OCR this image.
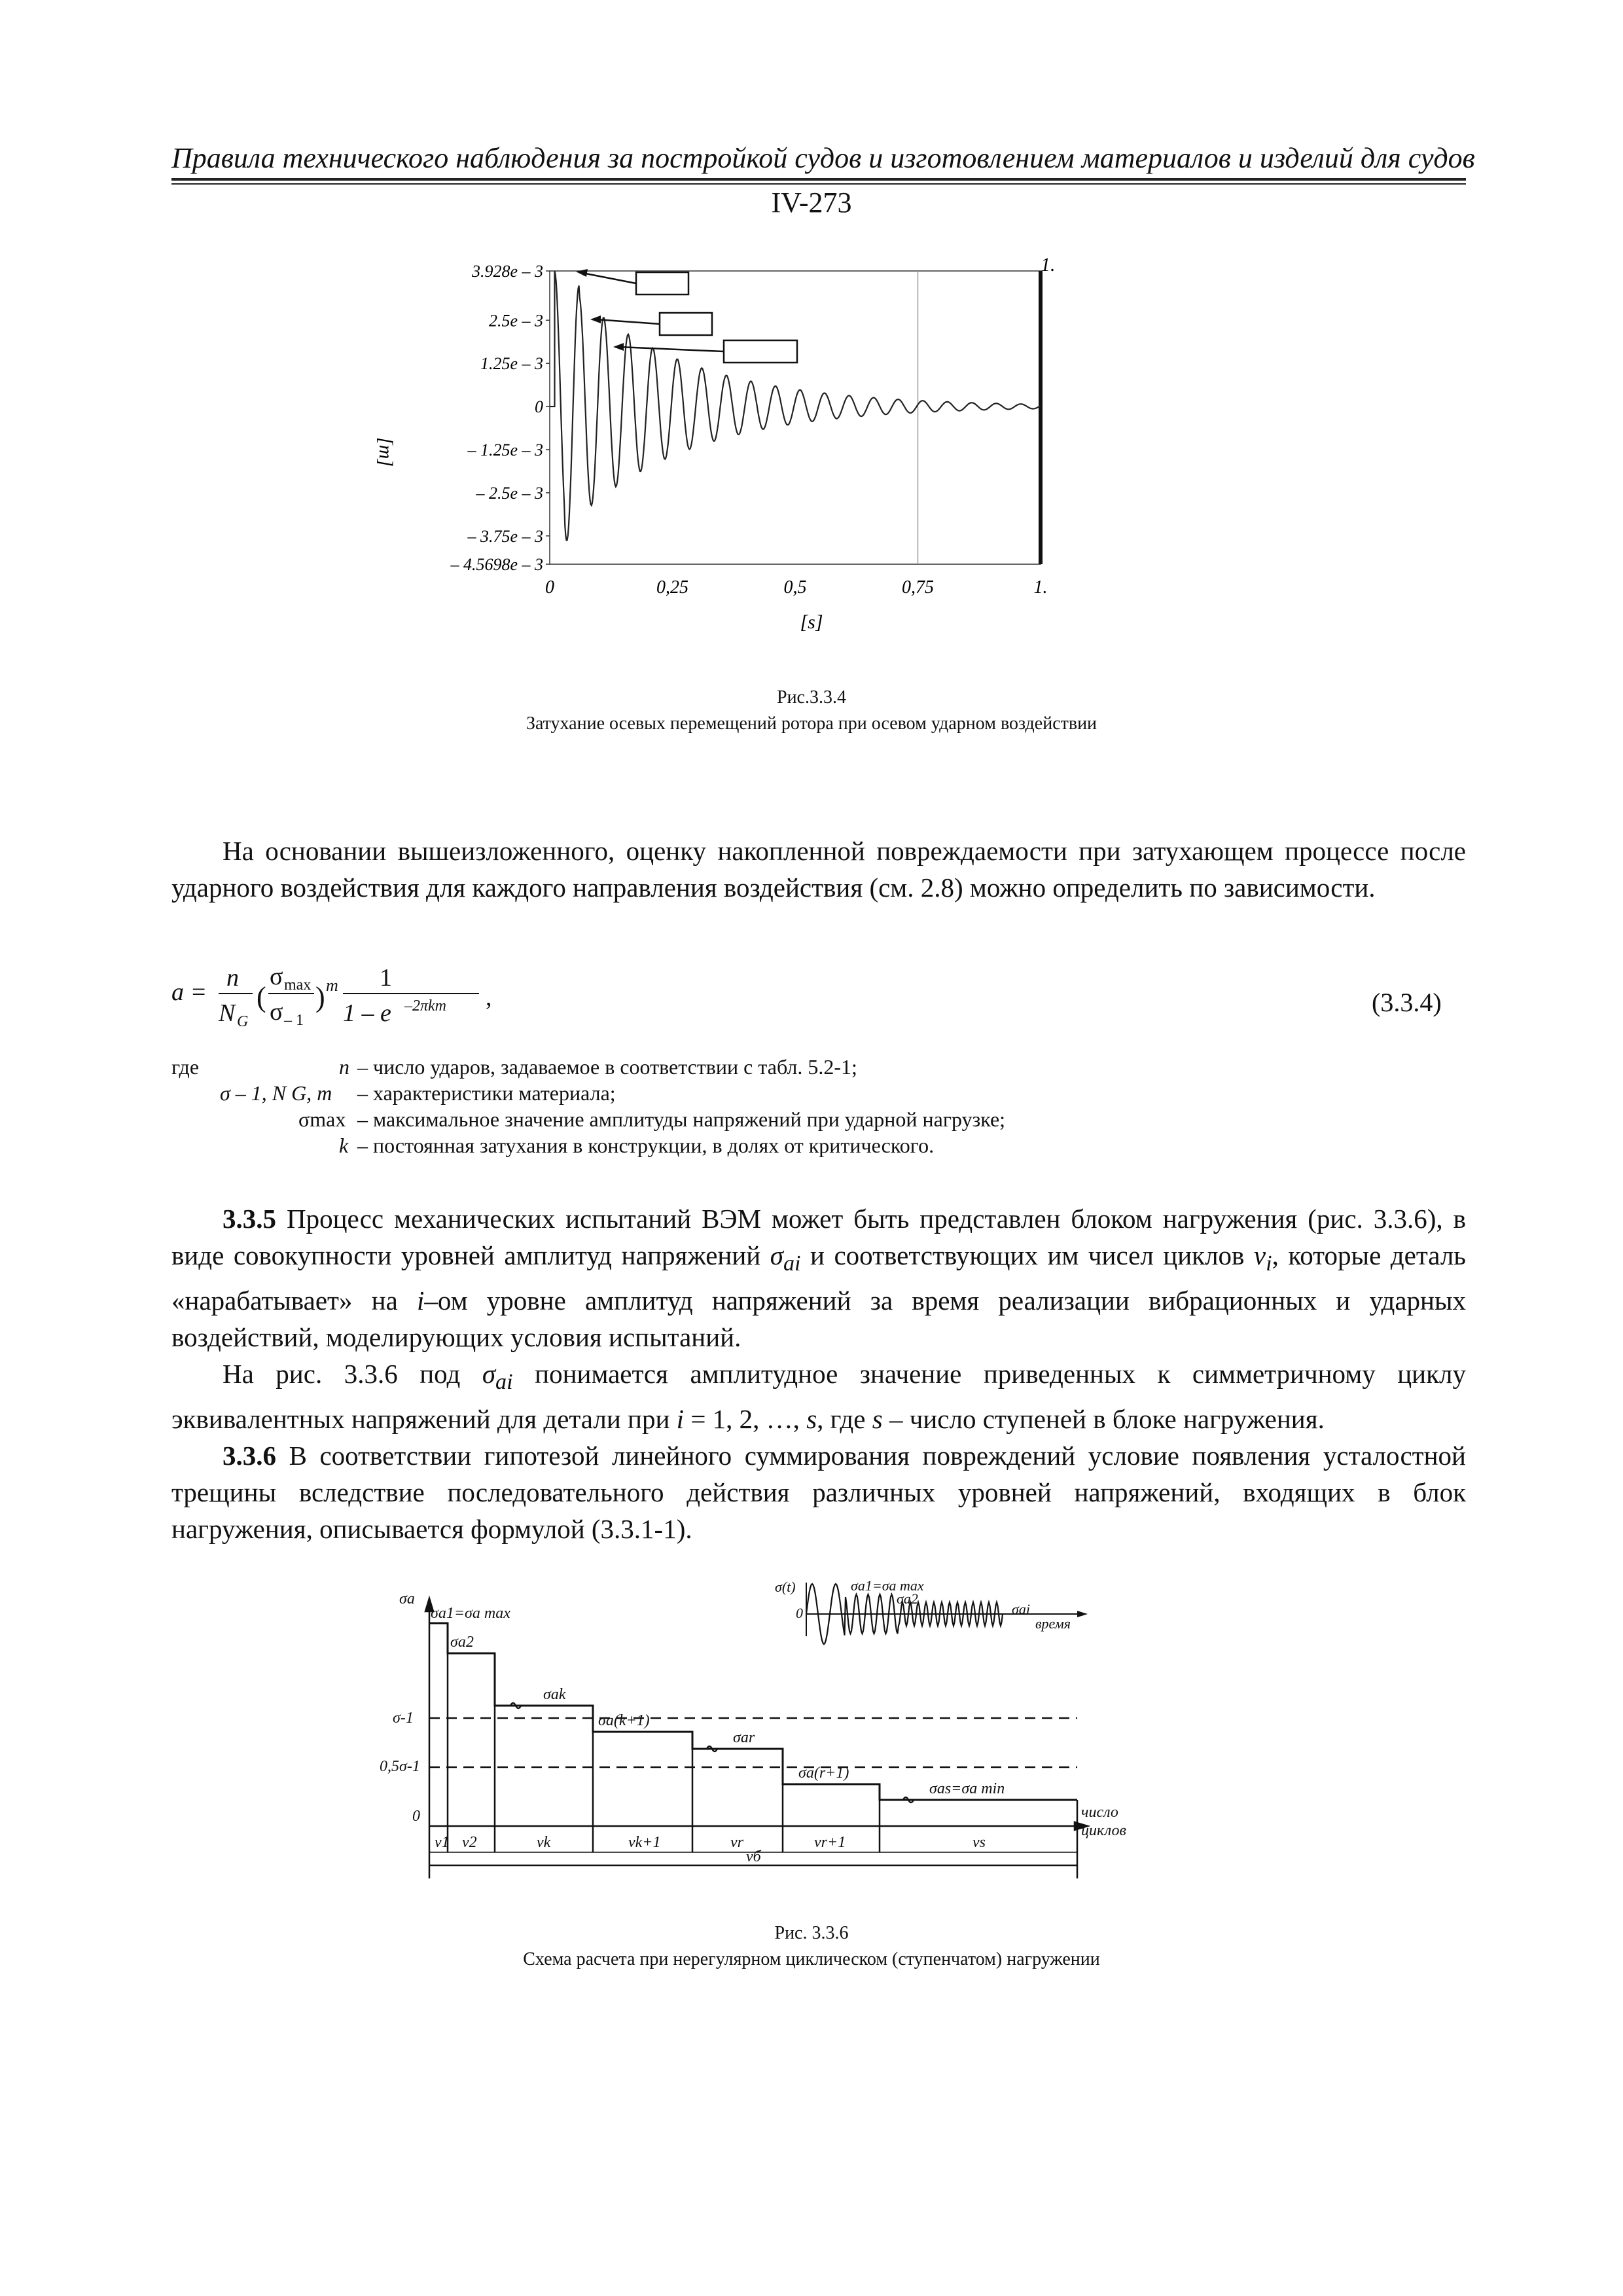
Правила технического наблюдения за постройкой судов и изготовлением материалов и изделий для судов
IV-273
3.928e – 3
2.5e – 3
1.25e – 3
0
– 1.25e – 3
– 2.5e – 3
– 3.75e – 3
– 4.5698e – 3
0	0,25	0,5	0,75	1.
1.
[m]
[s]
Рис.3.3.4
Затухание осевых перемещений ротора при осевом ударном воздействии

На основании вышеизложенного, оценку накопленной повреждаемости при затухающем процессе после ударного воздействия для каждого направления воздействия (см. 2.8) можно определить по зависимости.

a =
n
N G
(
σ max
σ – 1
) m 1
1 – e –2πkm ,	(3.3.4)
где	n – число ударов, задаваемое в соответствии с табл. 5.2-1;
σ – 1, N G, m – характеристики материала;
σmax – максимальное значение амплитуды напряжений при ударной нагрузке;
k – постоянная затухания в конструкции, в долях от критического.

3.3.5 Процесс механических испытаний ВЭМ может быть представлен блоком нагружения (рис. 3.3.6), в виде совокупности уровней амплитуд напряжений $\sigma_{ai}$ и соответствующих им чисел циклов $v_i$, которые деталь «нарабатывает» на i–ом уровне амплитуд напряжений за время реализации вибрационных и ударных воздействий, моделирующих условия испытаний.

На рис. 3.3.6 под $\sigma_{ai}$ понимается амплитудное значение приведенных к симметричному циклу эквивалентных напряжений для детали при i = 1, 2, …, s, где s – число ступеней в блоке нагружения.

3.3.6 В соответствии гипотезой линейного суммирования повреждений условие появления усталостной трещины вследствие последовательного действия различных уровней напряжений, входящих в блок нагружения, описывается формулой (3.3.1-1).

σa
σ-1
0,5σ-1
0	число
циклов
σa1=σa max
σa2
σak
σa(k+1)
σar
σa(r+1)
σas=σa min
v1 v2	vk	vk+1	vr	vr+1	vs
vб
σ(t)
0
σa1=σa max
σa2
σai
время
Рис. 3.3.6
Схема расчета при нерегулярном циклическом (ступенчатом) нагружении
